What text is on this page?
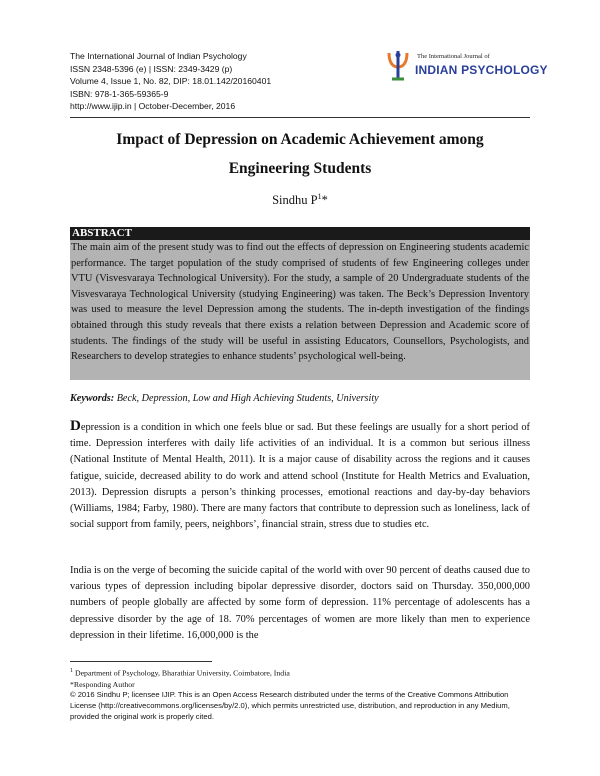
The International Journal of Indian Psychology
ISSN 2348-5396 (e) | ISSN: 2349-3429 (p)
Volume 4, Issue 1, No. 82, DIP: 18.01.142/20160401
ISBN: 978-1-365-59365-9
http://www.ijip.in | October-December, 2016
The International Journal of
INDIAN PSYCHOLOGY
Impact of Depression on Academic Achievement among
Engineering Students
Sindhu $P^1*$
ABSTRACT
The main aim of the present study was to find out the effects of depression on Engineering students academic performance. The target population of the study comprised of students of few Engineering colleges under VTU (Visvesvaraya Technological University). For the study, a sample of 20 Undergraduate students of the Visvesvaraya Technological University (studying Engineering) was taken. The Beck’s Depression Inventory was used to measure the level Depression among the students. The in-depth investigation of the findings obtained through this study reveals that there exists a relation between Depression and Academic score of students. The findings of the study will be useful in assisting Educators, Counsellors, Psychologists, and Researchers to develop strategies to enhance students’ psychological well-being.
Keywords: Beck, Depression, Low and High Achieving Students, University
Depression is a condition in which one feels blue or sad. But these feelings are usually for a short period of time. Depression interferes with daily life activities of an individual. It is a common but serious illness (National Institute of Mental Health, 2011). It is a major cause of disability across the regions and it causes fatigue, suicide, decreased ability to do work and attend school (Institute for Health Metrics and Evaluation, 2013). Depression disrupts a person’s thinking processes, emotional reactions and day-by-day behaviors (Williams, 1984; Farby, 1980). There are many factors that contribute to depression such as loneliness, lack of social support from family, peers, neighbors’, financial strain, stress due to studies etc.
India is on the verge of becoming the suicide capital of the world with over 90 percent of deaths caused due to various types of depression including bipolar depressive disorder, doctors said on Thursday. 350,000,000 numbers of people globally are affected by some form of depression. 11% percentage of adolescents has a depressive disorder by the age of 18. 70% percentages of women are more likely than men to experience depression in their lifetime. 16,000,000 is the
$^1$ Department of Psychology, Bharathiar University, Coimbatore, India
*Responding Author
© 2016 Sindhu P; licensee IJIP. This is an Open Access Research distributed under the terms of the Creative Commons Attribution License (http://creativecommons.org/licenses/by/2.0), which permits unrestricted use, distribution, and reproduction in any Medium, provided the original work is properly cited.
